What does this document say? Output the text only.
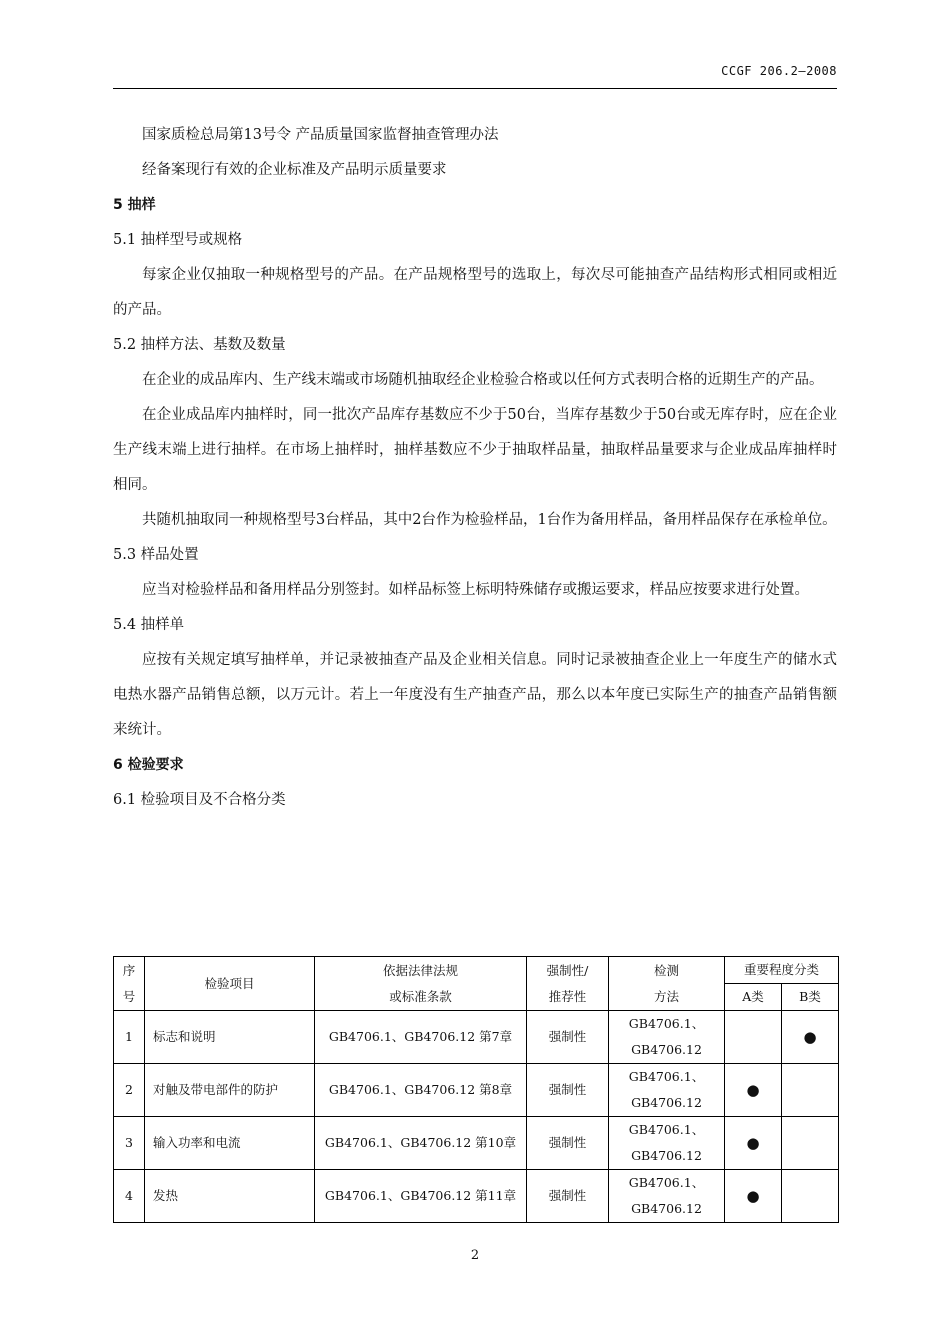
CCGF 206.2—2008

国家质检总局第13号令 产品质量国家监督抽查管理办法

经备案现行有效的企业标准及产品明示质量要求

5 抽样
5.1 抽样型号或规格

每家企业仅抽取一种规格型号的产品。在产品规格型号的选取上，每次尽可能抽查产品结构形式相同或相近的产品。

5.2 抽样方法、基数及数量

在企业的成品库内、生产线末端或市场随机抽取经企业检验合格或以任何方式表明合格的近期生产的产品。

在企业成品库内抽样时，同一批次产品库存基数应不少于50台，当库存基数少于50台或无库存时，应在企业生产线末端上进行抽样。在市场上抽样时，抽样基数应不少于抽取样品量，抽取样品量要求与企业成品库抽样时相同。

共随机抽取同一种规格型号3台样品，其中2台作为检验样品，1台作为备用样品，备用样品保存在承检单位。

5.3 样品处置

应当对检验样品和备用样品分别签封。如样品标签上标明特殊储存或搬运要求，样品应按要求进行处置。

5.4 抽样单

应按有关规定填写抽样单，并记录被抽查产品及企业相关信息。同时记录被抽查企业上一年度生产的储水式电热水器产品销售总额，以万元计。若上一年度没有生产抽查产品，那么以本年度已实际生产的抽查产品销售额来统计。

6 检验要求
6.1 检验项目及不合格分类
序
号	检验项目	依据法律法规
或标准条款	强制性/
推荐性	检测
方法	重要程度分类	
					A类	B类
1	标志和说明	GB4706.1、GB4706.12 第7章	强制性	GB4706.1、
GB4706.12		●
2	对触及带电部件的防护	GB4706.1、GB4706.12 第8章	强制性	GB4706.1、
GB4706.12	●	
3	输入功率和电流	GB4706.1、GB4706.12 第10章	强制性	GB4706.1、
GB4706.12	●	
4	发热	GB4706.1、GB4706.12 第11章	强制性	GB4706.1、
GB4706.12	●	
2
